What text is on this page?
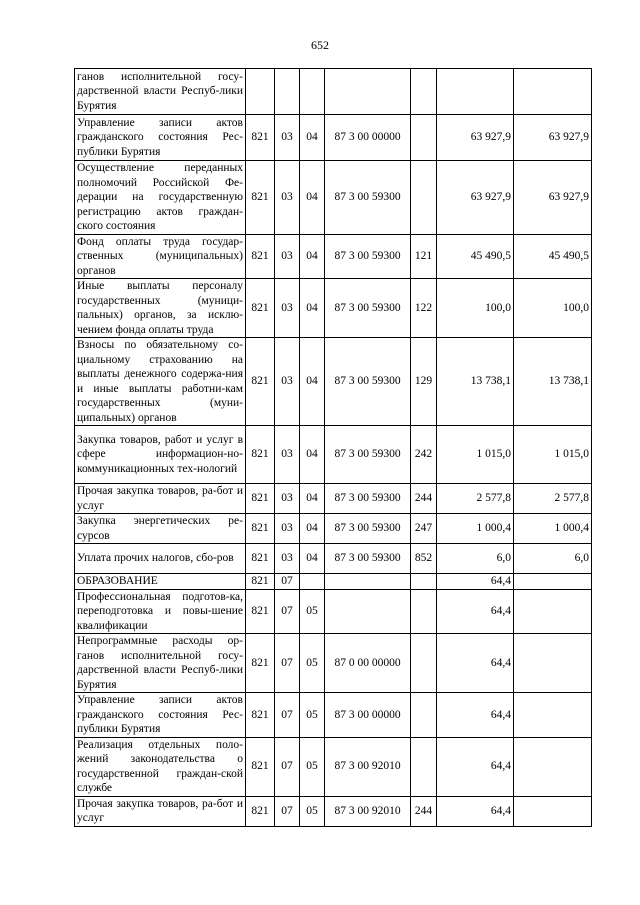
652
ганов исполнительной госу-дарственной власти Респуб-лики Бурятия							
Управление записи актов гражданского состояния Рес-публики Бурятия	821	03	04	87 3 00 00000		63 927,9	63 927,9
Осуществление переданных полномочий Российской Фе-дерации на государственную регистрацию актов граждан-ского состояния	821	03	04	87 3 00 59300		63 927,9	63 927,9
Фонд оплаты труда государ-ственных (муниципальных) органов	821	03	04	87 3 00 59300	121	45 490,5	45 490,5
Иные выплаты персоналу государственных (муници-пальных) органов, за исклю-чением фонда оплаты труда	821	03	04	87 3 00 59300	122	100,0	100,0
Взносы по обязательному со-циальному страхованию на выплаты денежного содержа-ния и иные выплаты работни-кам государственных (муни-ципальных) органов	821	03	04	87 3 00 59300	129	13 738,1	13 738,1
Закупка товаров, работ и услуг в сфере информацион-но-коммуникационных тех-нологий	821	03	04	87 3 00 59300	242	1 015,0	1 015,0
Прочая закупка товаров, ра-бот и услуг	821	03	04	87 3 00 59300	244	2 577,8	2 577,8
Закупка энергетических ре-сурсов	821	03	04	87 3 00 59300	247	1 000,4	1 000,4
Уплата прочих налогов, сбо-ров	821	03	04	87 3 00 59300	852	6,0	6,0
ОБРАЗОВАНИЕ	821	07				64,4	
Профессиональная подготов-ка, переподготовка и повы-шение квалификации	821	07	05			64,4	
Непрограммные расходы ор-ганов исполнительной госу-дарственной власти Респуб-лики Бурятия	821	07	05	87 0 00 00000		64,4	
Управление записи актов гражданского состояния Рес-публики Бурятия	821	07	05	87 3 00 00000		64,4	
Реализация отдельных поло-жений законодательства о государственной граждан-ской службе	821	07	05	87 3 00 92010		64,4	
Прочая закупка товаров, ра-бот и услуг	821	07	05	87 3 00 92010	244	64,4	
